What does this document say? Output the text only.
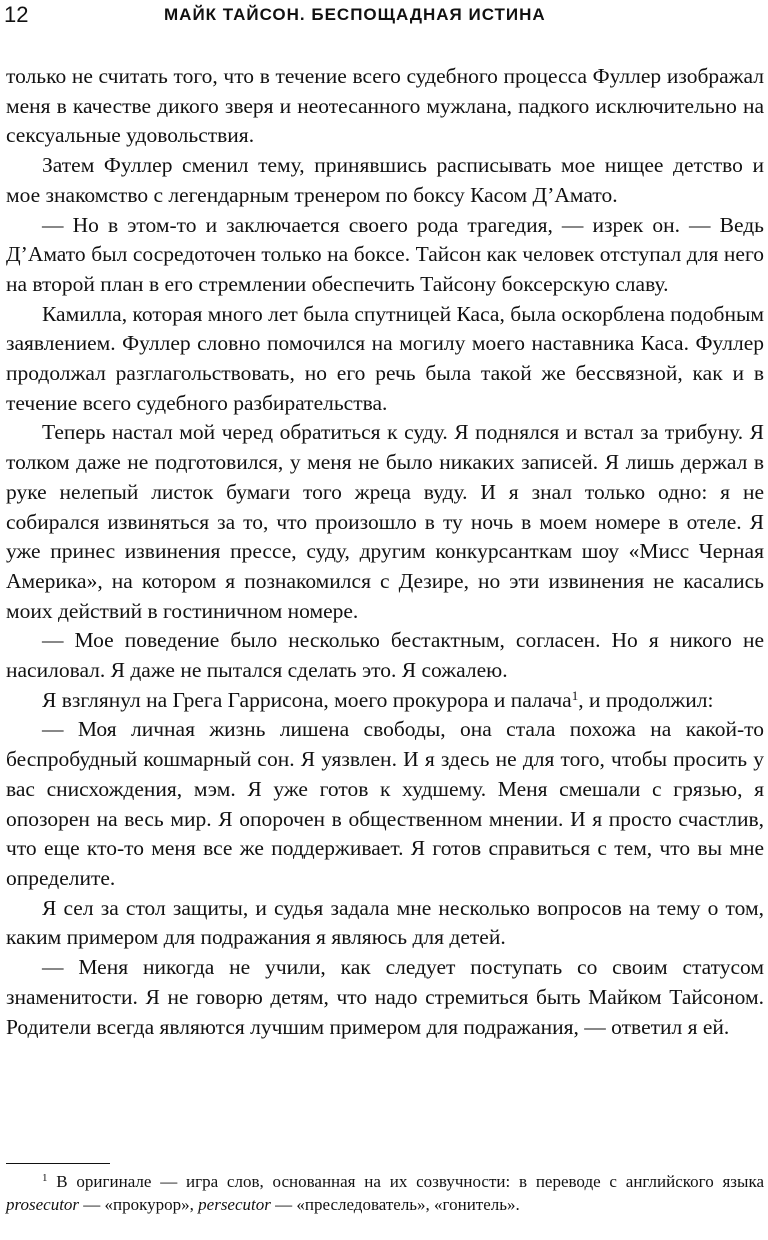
12	МАЙК ТАЙСОН. БЕСПОЩАДНАЯ ИСТИНА

только не считать того, что в течение всего судебного процесса Фуллер изображал меня в качестве дикого зверя и неотесанного мужлана, падкого исключительно на сексуальные удовольствия.

Затем Фуллер сменил тему, принявшись расписывать мое нищее детство и мое знакомство с легендарным тренером по боксу Касом Д’Амато.

— Но в этом-то и заключается своего рода трагедия, — изрек он. — Ведь Д’Амато был сосредоточен только на боксе. Тайсон как человек отступал для него на второй план в его стремлении обеспечить Тайсону боксерскую славу.

Камилла, которая много лет была спутницей Каса, была оскорблена подобным заявлением. Фуллер словно помочился на могилу моего наставника Каса. Фуллер продолжал разглагольствовать, но его речь была такой же бессвязной, как и в течение всего судебного разбирательства.

Теперь настал мой черед обратиться к суду. Я поднялся и встал за трибуну. Я толком даже не подготовился, у меня не было никаких записей. Я лишь держал в руке нелепый листок бумаги того жреца вуду. И я знал только одно: я не собирался извиняться за то, что произошло в ту ночь в моем номере в отеле. Я уже принес извинения прессе, суду, другим конкурсанткам шоу «Мисс Черная Америка», на котором я познакомился с Дезире, но эти извинения не касались моих действий в гостиничном номере.

— Мое поведение было несколько бестактным, согласен. Но я никого не насиловал. Я даже не пытался сделать это. Я сожалею.

Я взглянул на Грега Гаррисона, моего прокурора и палача$^1$, и продолжил:

— Моя личная жизнь лишена свободы, она стала похожа на какой-то беспробудный кошмарный сон. Я уязвлен. И я здесь не для того, чтобы просить у вас снисхождения, мэм. Я уже готов к худшему. Меня смешали с грязью, я опозорен на весь мир. Я опорочен в общественном мнении. И я просто счастлив, что еще кто-то меня все же поддерживает. Я готов справиться с тем, что вы мне определите.

Я сел за стол защиты, и судья задала мне несколько вопросов на тему о том, каким примером для подражания я являюсь для детей.

— Меня никогда не учили, как следует поступать со своим статусом знаменитости. Я не говорю детям, что надо стремиться быть Майком Тайсоном. Родители всегда являются лучшим примером для подражания, — ответил я ей.

$^1$ В оригинале — игра слов, основанная на их созвучности: в переводе с английского языка prosecutor — «прокурор», persecutor — «преследователь», «гонитель».
